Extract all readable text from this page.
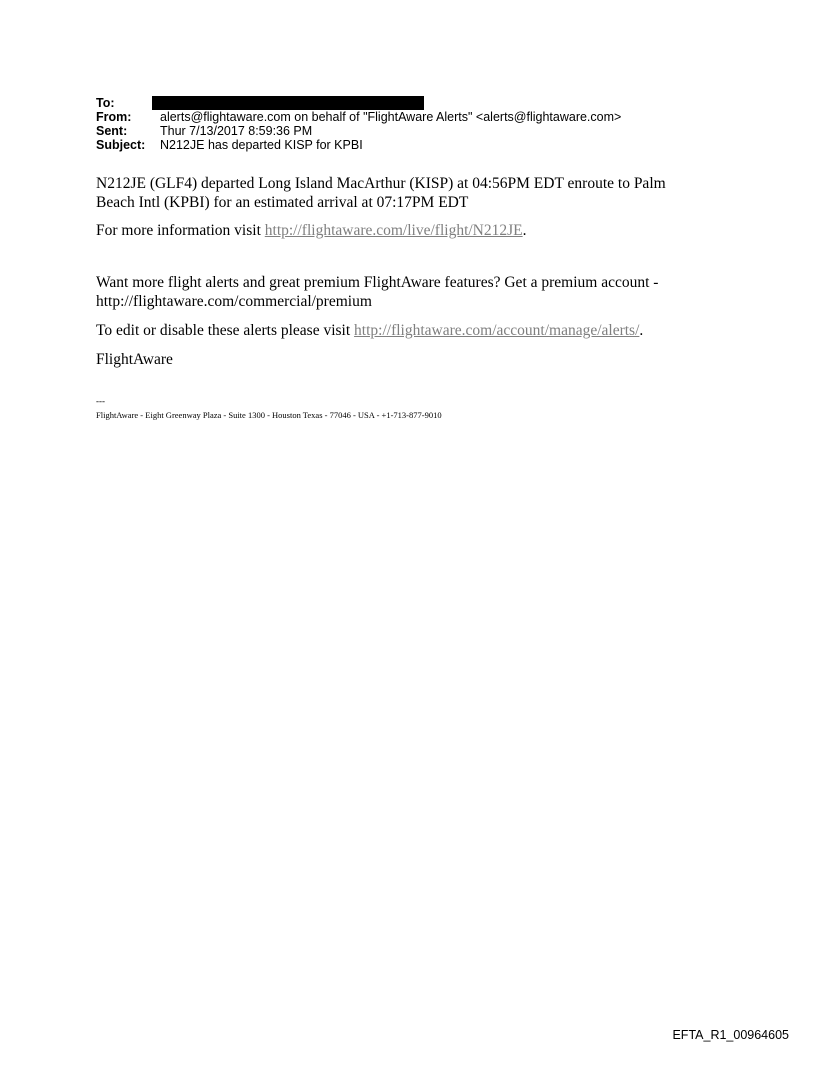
To:
From:	alerts@flightaware.com on behalf of "FlightAware Alerts" <alerts@flightaware.com>
Sent:	Thur 7/13/2017 8:59:36 PM
Subject:	N212JE has departed KISP for KPBI

N212JE (GLF4) departed Long Island MacArthur (KISP) at 04:56PM EDT enroute to Palm
Beach Intl (KPBI) for an estimated arrival at 07:17PM EDT

For more information visit http://flightaware.com/live/flight/N212JE.

Want more flight alerts and great premium FlightAware features? Get a premium account -
http://flightaware.com/commercial/premium

To edit or disable these alerts please visit http://flightaware.com/account/manage/alerts/.

FlightAware

---
FlightAware - Eight Greenway Plaza - Suite 1300 - Houston Texas - 77046 - USA - +1-713-877-9010
EFTA_R1_00964605
